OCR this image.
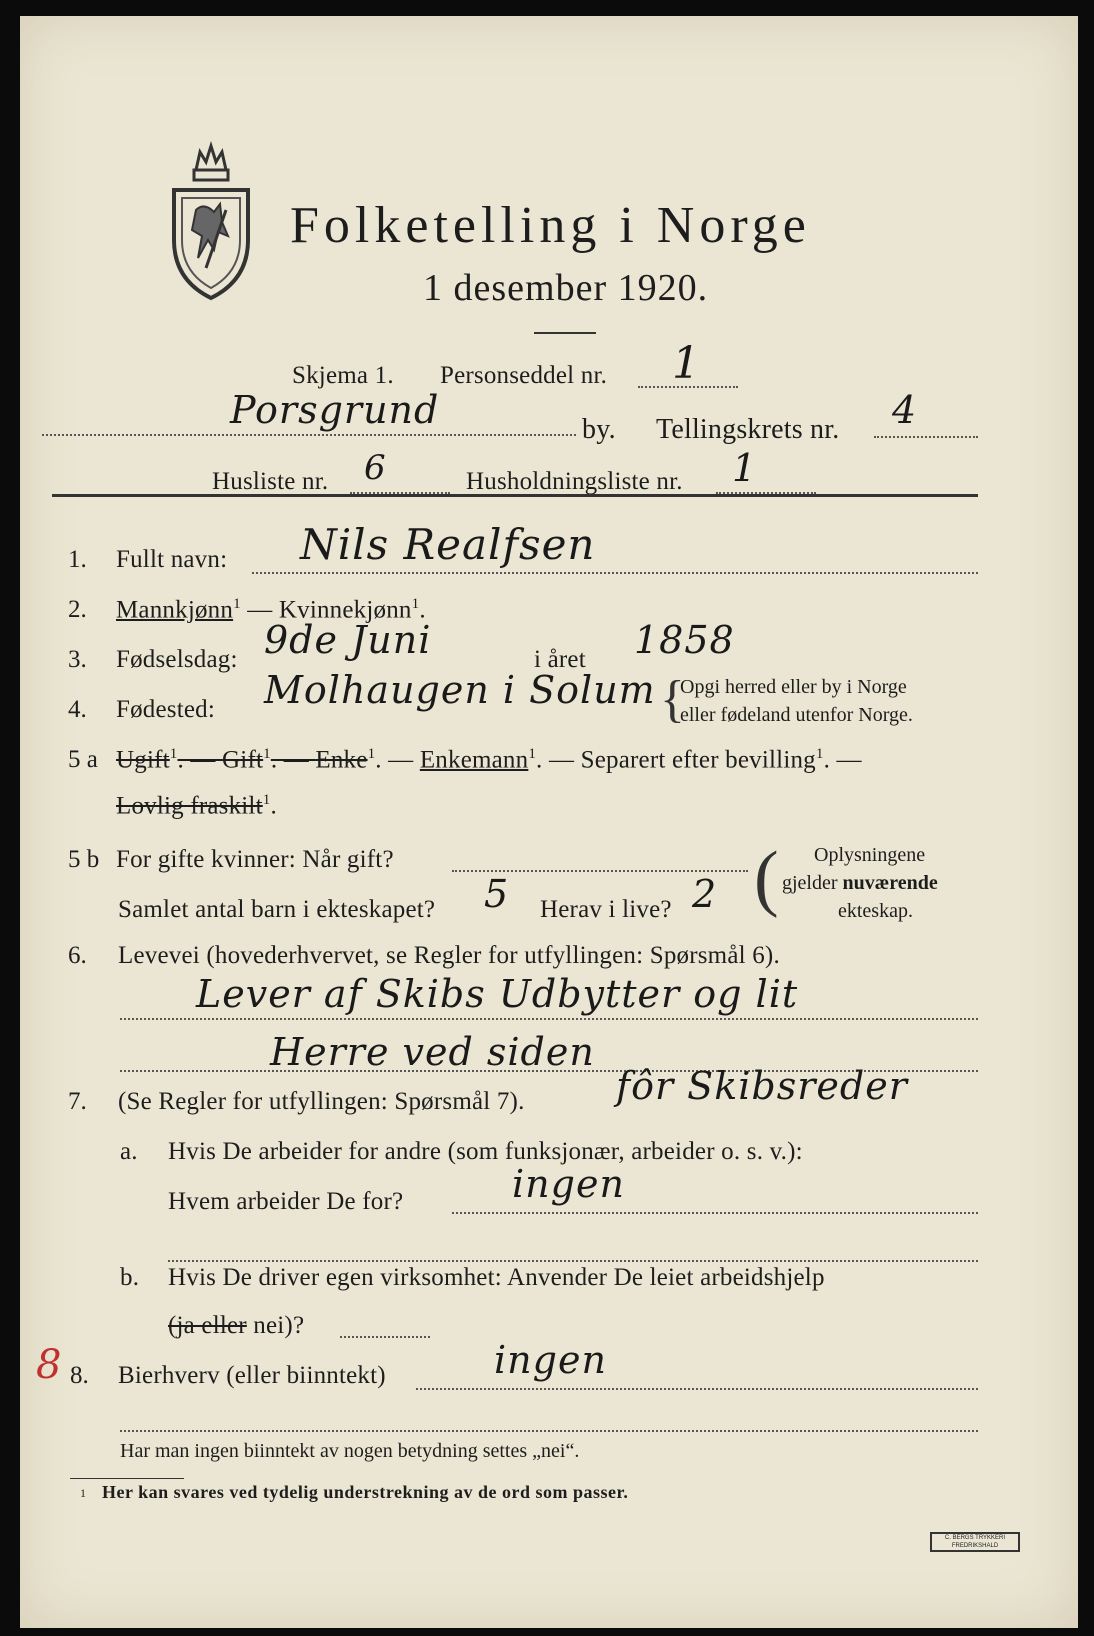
Folketelling i Norge
1 desember 1920.
Skjema 1. Personseddel nr. 1
Porsgrund	by. Tellingskrets nr. 4
Husliste nr. 6	Husholdningsliste nr. 1
1. Fullt navn: Nils Realfsen
2. Mannkjønn$^1$ — Kvinnekjønn$^1$.
3. Fødselsdag: 9de Juni	i året 1858
4. Fødested: Molhaugen i Solum {
Opgi herred eller by i Norge
eller fødeland utenfor Norge.
5 a Ugift$^1$. — Gift$^1$. — Enke$^1$. — Enkemann$^1$. — Separert efter bevilling$^1$. —
Lovlig fraskilt$^1$.
5 b For gifte kvinner: Når gift?
Samlet antal barn i ekteskapet? 5 Herav i live? 2 ( Oplysningene
gjelder nuværende
ekteskap.
6. Levevei (hovederhvervet, se Regler for utfyllingen: Spørsmål 6).
Lever af Skibs Udbytter og lit
Herre ved siden
7. (Se Regler for utfyllingen: Spørsmål 7). fôr Skibsreder
a. Hvis De arbeider for andre (som funksjonær, arbeider o. s. v.):
Hvem arbeider De for?	ingen
b. Hvis De driver egen virksomhet: Anvender De leiet arbeidshjelp
(ja eller nei)?
8 8. Bierhverv (eller biinntekt)	ingen
Har man ingen biinntekt av nogen betydning settes „nei“.
1 Her kan svares ved tydelig understrekning av de ord som passer.
C. BERGS TRYKKERI FREDRIKSHALD
